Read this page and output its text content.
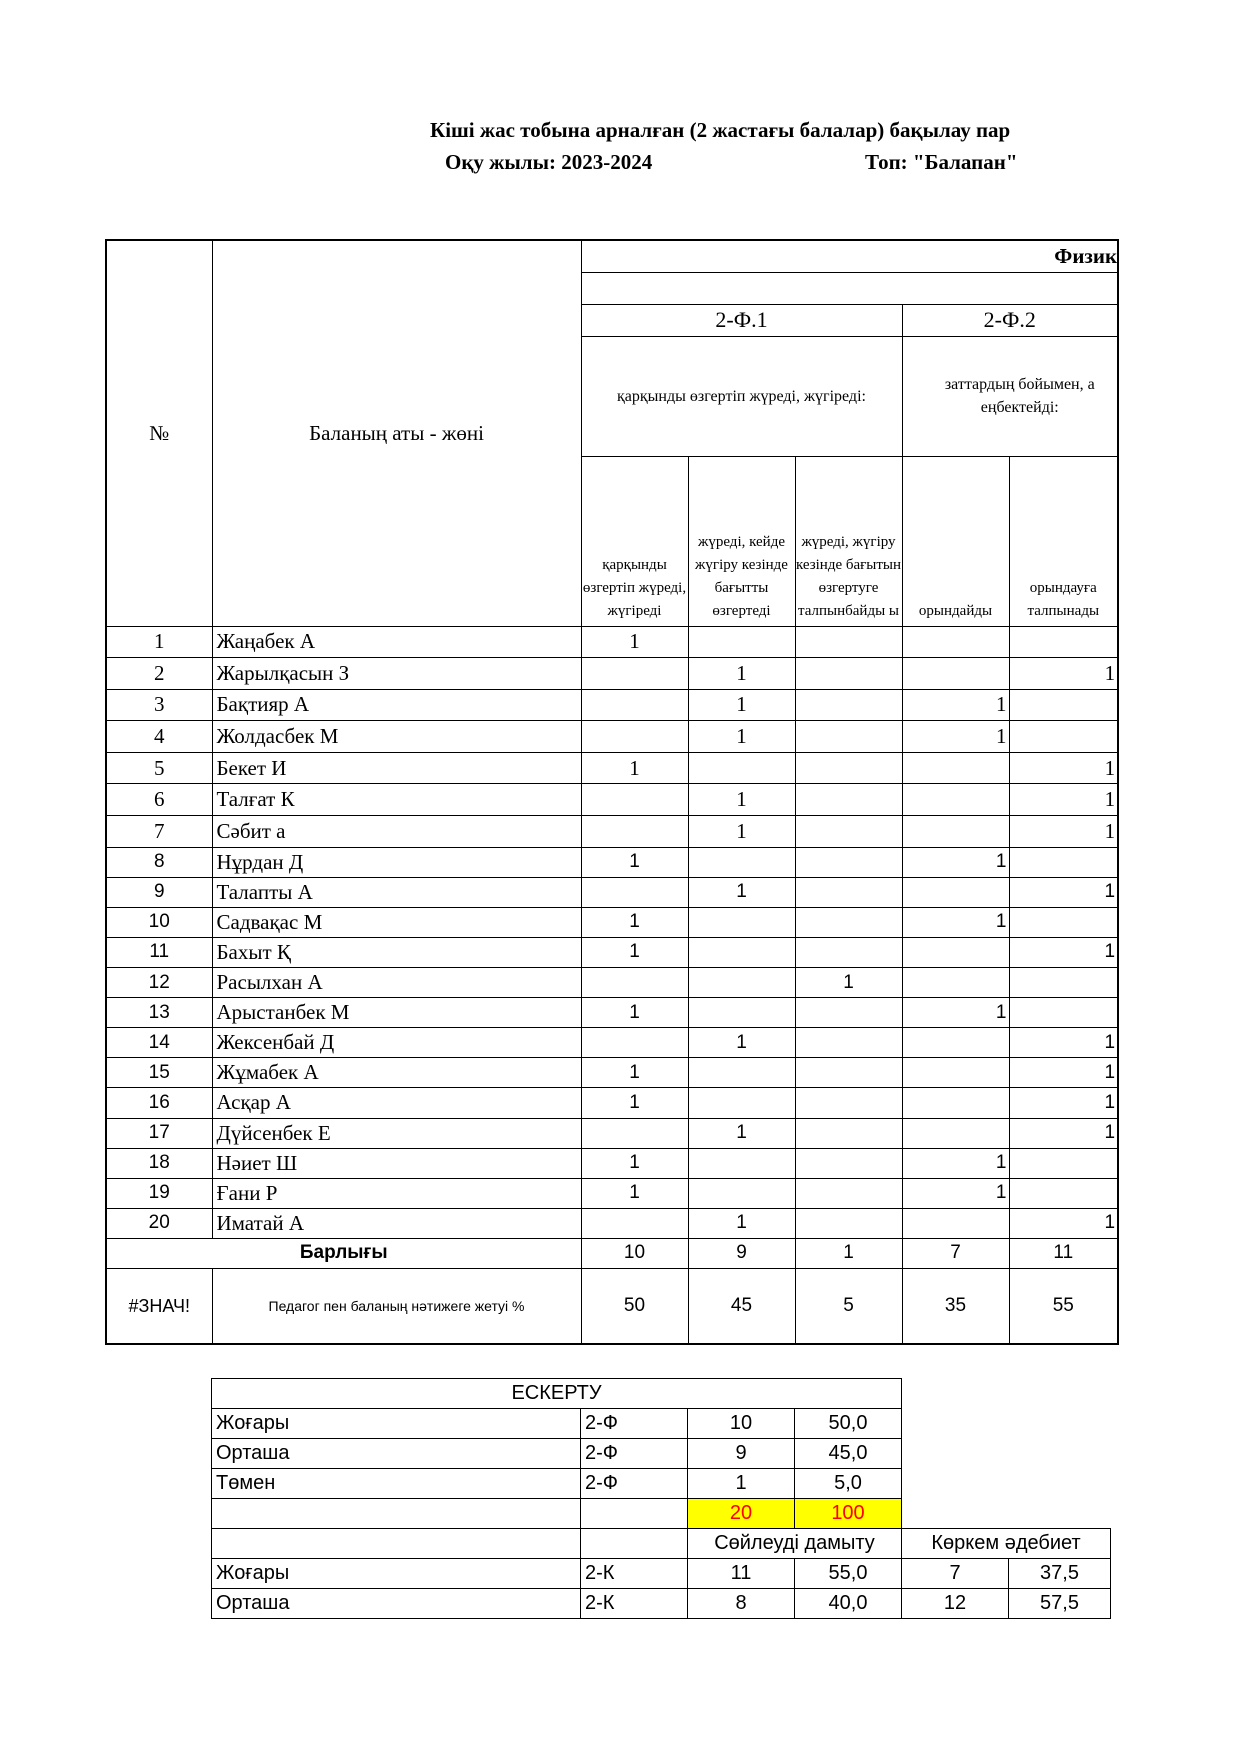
Кіші жас тобына арналған (2 жастағы балалар) бақылау пар
Оқу жылы: 2023-2024	Топ: "Балапан"
№	Баланың аты - жөні	Физик				

		2-Ф.1			2-Ф.2	
		қарқынды өзгертіп жүреді, жүгіреді:			заттардың бойымен, а еңбектейді:	
		қарқынды өзгертіп жүреді, жүгіреді	жүреді, кейде жүгіру кезінде бағытты өзгертеді	жүреді, жүгіру кезінде бағытын өзгертуге талпынбайды ы	орындайды	орындауға талпынады
1	Жаңабек А	1				
2	Жарылқасын З		1			1
3	Бақтияр А		1		1	
4	Жолдасбек М		1		1	
5	Бекет И	1				1
6	Талғат К		1			1
7	Сәбит а		1			1
8	Нұрдан Д	1			1	
9	Талапты А		1			1
10	Садвақас М	1			1	
11	Бахыт Қ	1				1
12	Расылхан А			1		
13	Арыстанбек М	1			1	
14	Жексенбай Д		1			1
15	Жұмабек А	1				1
16	Асқар А	1				1
17	Дүйсенбек Е		1			1
18	Нәиет Ш	1			1	
19	Ғани Р	1			1	
20	Иматай А		1			1
Барлығы		10	9	1	7	11
#ЗНАЧ!	Педагог пен баланың нәтижеге жетуі %	50	45	5	35	55
ЕСКЕРТУ					
Жоғары	2-Ф	10	50,0		
Орташа	2-Ф	9	45,0		
Төмен	2-Ф	1	5,0		
		20	100		
		Сөйлеуді дамыту		Көркем әдебиет	
Жоғары	2-К	11	55,0	7	37,5
Орташа	2-К	8	40,0	12	57,5
